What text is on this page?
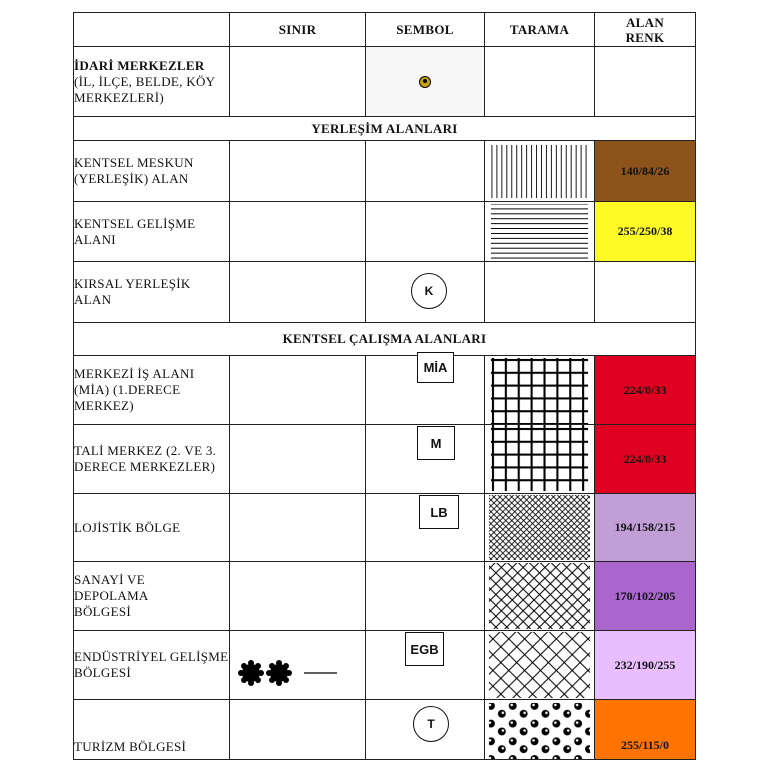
	SINIR	SEMBOL	TARAMA	ALAN RENK
İDARİ MERKEZLER
(İL, İLÇE, BELDE, KÖY MERKEZLERİ)		

YERLEŞİM ALANLARI				
KENTSEL MESKUN (YERLEŞİK) ALAN				140/84/26
KENTSEL GELİŞME ALANI				255/250/38
KIRSAL YERLEŞİK ALAN		K		

KENTSEL ÇALIŞMA ALANLARI				
MERKEZİ İŞ ALANI (MİA) (1.DERECE MERKEZ)		MİA		224/0/33
TALİ MERKEZ (2. VE 3. DERECE MERKEZLER)		M		224/0/33
LOJİSTİK BÖLGE		LB		194/158/215
SANAYİ VE DEPOLAMA BÖLGESİ				170/102/205
ENDÜSTRİYEL GELİŞME BÖLGESİ		EGB		232/190/255
TURİZM BÖLGESİ		T		255/115/0
